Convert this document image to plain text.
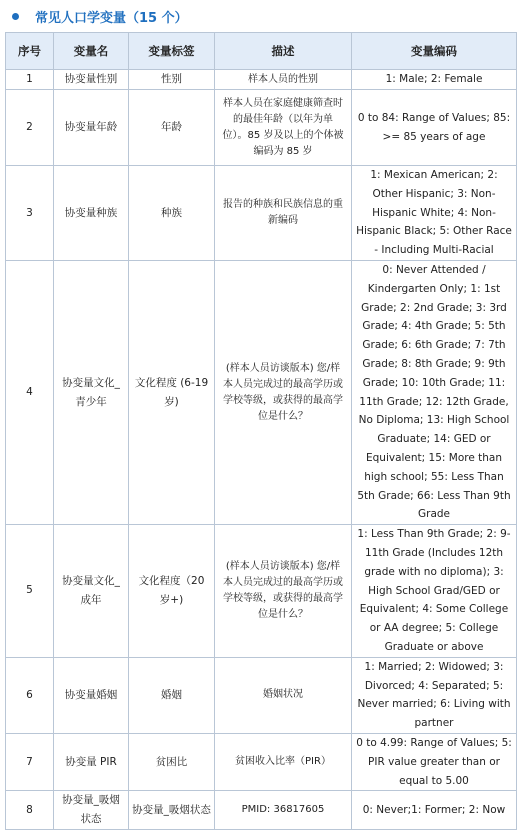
常见人口学变量（15 个）
序号	变量名	变量标签	描述	变量编码
1	协变量性别	性别	样本人员的性别	1: Male; 2: Female
2	协变量年龄	年龄	样本人员在家庭健康筛查时的最佳年龄（以年为单位）。85 岁及以上的个体被编码为 85 岁	0 to 84: Range of Values; 85: >= 85 years of age
3	协变量种族	种族	报告的种族和民族信息的重新编码	1: Mexican American; 2: Other Hispanic; 3: Non-Hispanic White; 4: Non-Hispanic Black; 5: Other Race - Including Multi-Racial
4	协变量文化_青少年	文化程度 (6-19 岁)	(样本人员访谈版本) 您/样本人员完成过的最高学历或学校等级，或获得的最高学位是什么？	0: Never Attended / Kindergarten Only; 1: 1st Grade; 2: 2nd Grade; 3: 3rd Grade; 4: 4th Grade; 5: 5th Grade; 6: 6th Grade; 7: 7th Grade; 8: 8th Grade; 9: 9th Grade; 10: 10th Grade; 11: 11th Grade; 12: 12th Grade, No Diploma; 13: High School Graduate; 14: GED or Equivalent; 15: More than high school; 55: Less Than 5th Grade; 66: Less Than 9th Grade
5	协变量文化_成年	文化程度（20 岁+)	(样本人员访谈版本) 您/样本人员完成过的最高学历或学校等级，或获得的最高学位是什么？	1: Less Than 9th Grade; 2: 9-11th Grade (Includes 12th grade with no diploma); 3: High School Grad/GED or Equivalent; 4: Some College or AA degree; 5: College Graduate or above
6	协变量婚姻	婚姻	婚姻状况	1: Married; 2: Widowed; 3: Divorced; 4: Separated; 5: Never married; 6: Living with partner
7	协变量 PIR	贫困比	贫困收入比率（PIR）	0 to 4.99: Range of Values; 5: PIR value greater than or equal to 5.00
8	协变量_吸烟状态	协变量_吸烟状态	PMID: 36817605	0: Never;1: Former; 2: Now
